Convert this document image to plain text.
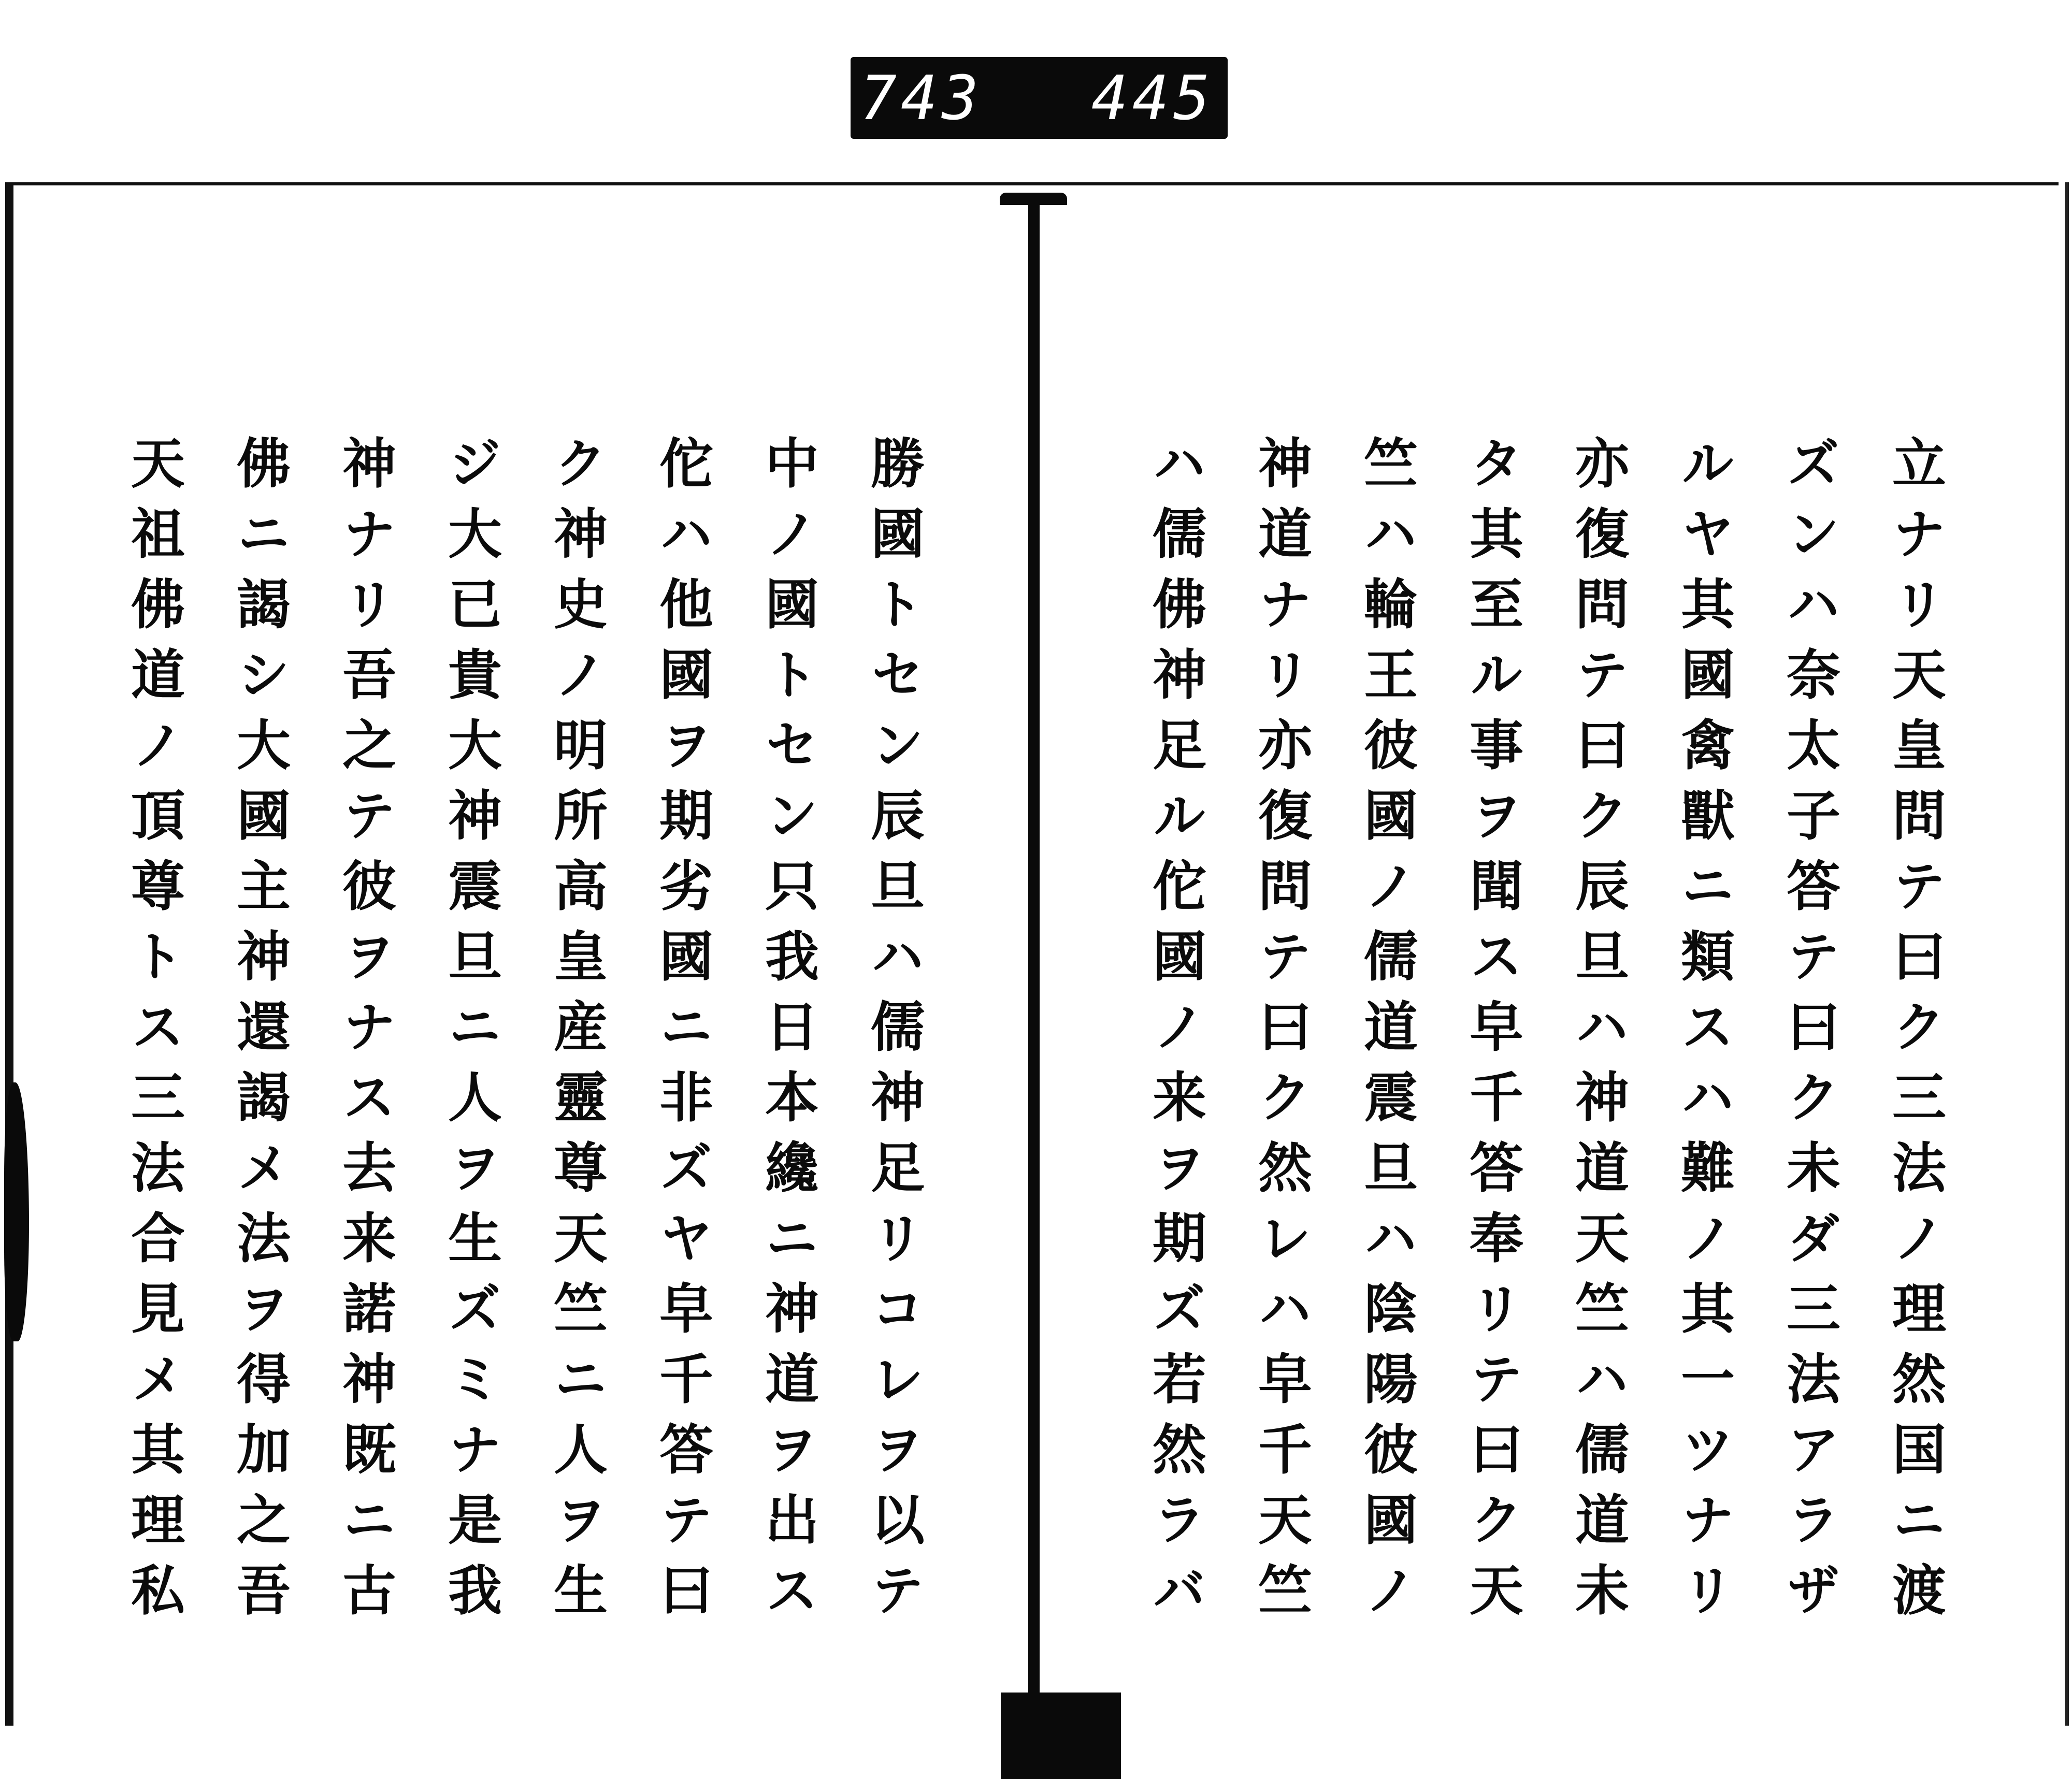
743 445
立ナリ天皇問テ曰ク三法ノ理然国ニ渡
ズンハ奈太子答テ曰ク未ダ三法アラザ
ルヤ其國禽獸ニ類スハ難ノ其一ツナリ
亦復問テ曰ク辰旦ハ神道天竺ハ儒道未
タ其至ル事ヲ聞ス皁千答奉リテ曰ク天
竺ハ輪王彼國ノ儒道震旦ハ陰陽彼國ノ
神道ナリ亦復問テ曰ク然レハ皁千天竺
ハ儒佛神足ル佗國ノ来ヲ期ズ若然ラバ
勝國トセン辰旦ハ儒神足リコレヲ以テ
中ノ國トセン只我日本纔ニ神道ヲ出ス
佗ハ他國ヲ期劣國ニ非ズヤ皁千答テ曰
ク神史ノ明所高皇産靈尊天竺ニ人ヲ生
ジ大已貴大神震旦ニ人ヲ生ズミナ是我
神ナリ吾之テ彼ヲナス去来諾神既ニ古
佛ニ謁シ大國主神還謁メ法ヲ得加之吾
天祖佛道ノ頂尊トス三法合見メ其理私
